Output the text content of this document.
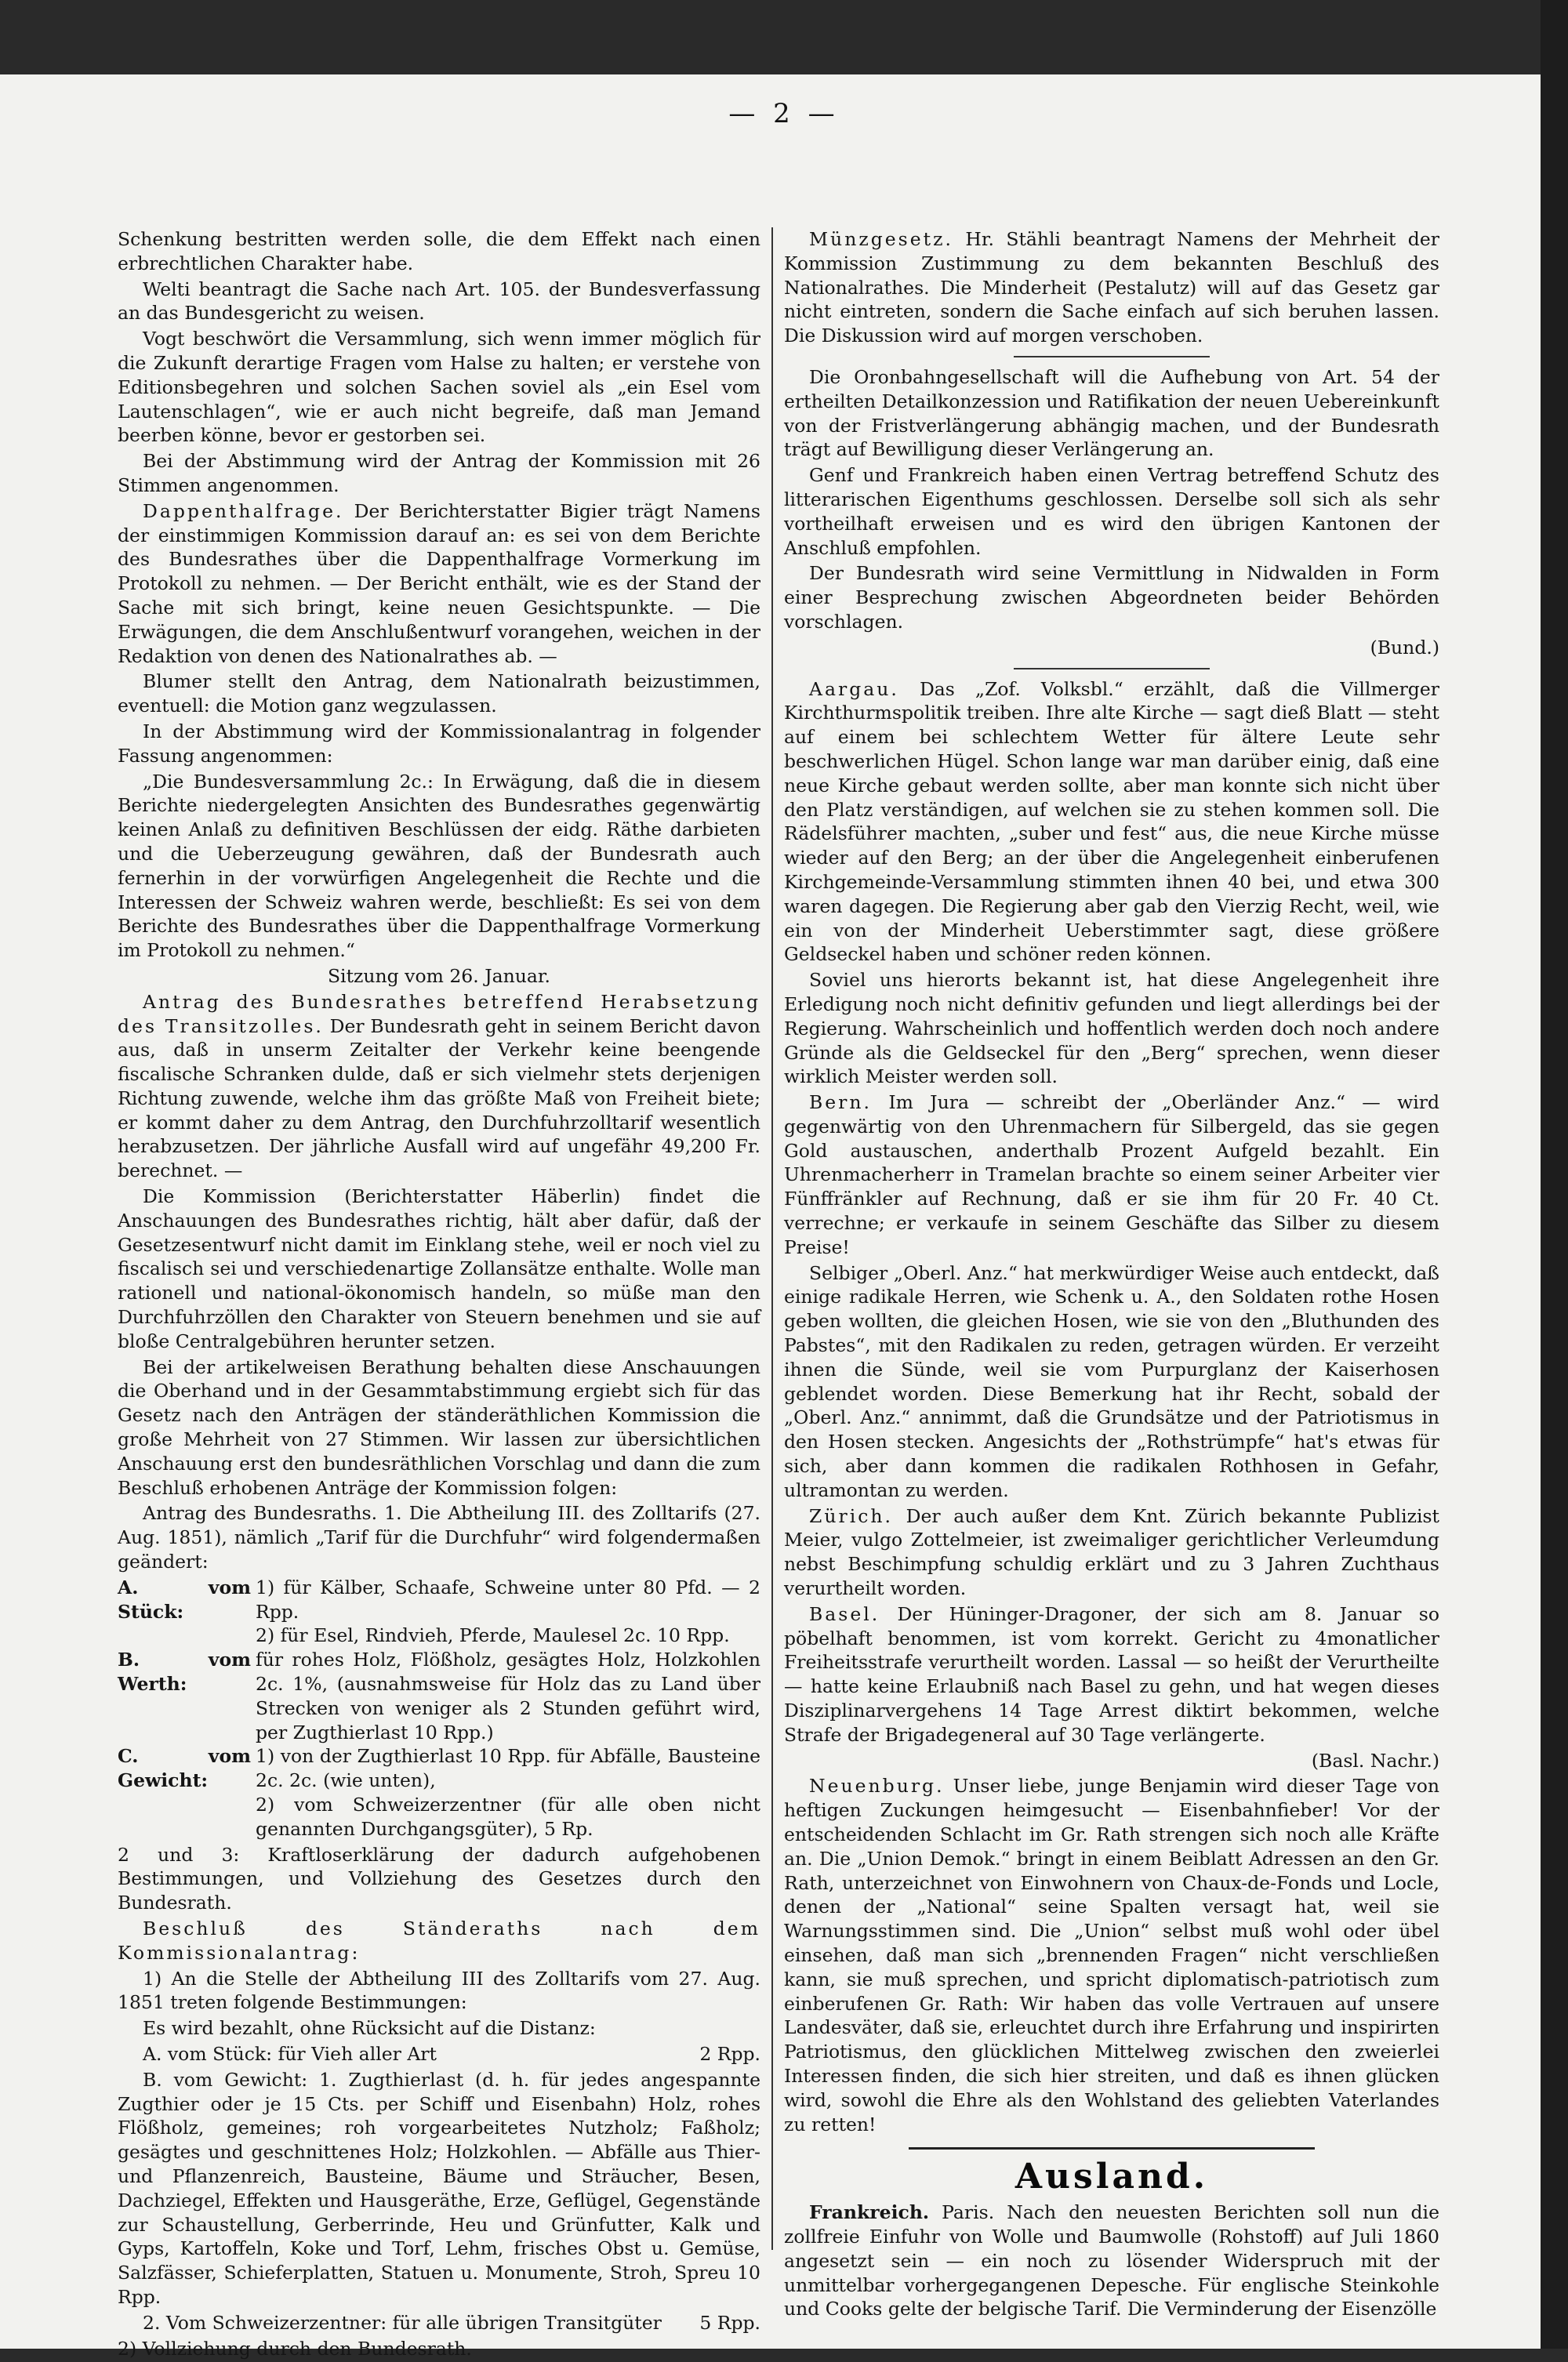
— 2 —

Schenkung bestritten werden solle, die dem Effekt nach einen erbrechtlichen Charakter habe.

Welti beantragt die Sache nach Art. 105. der Bundesverfassung an das Bundesgericht zu weisen.

Vogt beschwört die Versammlung, sich wenn immer möglich für die Zukunft derartige Fragen vom Halse zu halten; er verstehe von Editionsbegehren und solchen Sachen soviel als „ein Esel vom Lautenschlagen“, wie er auch nicht begreife, daß man Jemand beerben könne, bevor er gestorben sei.

Bei der Abstimmung wird der Antrag der Kommission mit 26 Stimmen angenommen.

Dappenthalfrage. Der Berichterstatter Bigier trägt Namens der einstimmigen Kommission darauf an: es sei von dem Berichte des Bundesrathes über die Dappenthalfrage Vormerkung im Protokoll zu nehmen. — Der Bericht enthält, wie es der Stand der Sache mit sich bringt, keine neuen Gesichtspunkte. — Die Erwägungen, die dem Anschlußentwurf vorangehen, weichen in der Redaktion von denen des Nationalrathes ab. —

Blumer stellt den Antrag, dem Nationalrath beizustimmen, eventuell: die Motion ganz wegzulassen.

In der Abstimmung wird der Kommissionalantrag in folgender Fassung angenommen:

„Die Bundesversammlung 2c.: In Erwägung, daß die in diesem Berichte niedergelegten Ansichten des Bundesrathes gegenwärtig keinen Anlaß zu definitiven Beschlüssen der eidg. Räthe darbieten und die Ueberzeugung gewähren, daß der Bundesrath auch fernerhin in der vorwürfigen Angelegenheit die Rechte und die Interessen der Schweiz wahren werde, beschließt: Es sei von dem Berichte des Bundesrathes über die Dappenthalfrage Vormerkung im Protokoll zu nehmen.“

Sitzung vom 26. Januar.

Antrag des Bundesrathes betreffend Herabsetzung des Transitzolles. Der Bundesrath geht in seinem Bericht davon aus, daß in unserm Zeitalter der Verkehr keine beengende fiscalische Schranken dulde, daß er sich vielmehr stets derjenigen Richtung zuwende, welche ihm das größte Maß von Freiheit biete; er kommt daher zu dem Antrag, den Durchfuhrzolltarif wesentlich herabzusetzen. Der jährliche Ausfall wird auf ungefähr 49,200 Fr. berechnet. —

Die Kommission (Berichterstatter Häberlin) findet die Anschauungen des Bundesrathes richtig, hält aber dafür, daß der Gesetzesentwurf nicht damit im Einklang stehe, weil er noch viel zu fiscalisch sei und verschiedenartige Zollansätze enthalte. Wolle man rationell und national-ökonomisch handeln, so müße man den Durchfuhrzöllen den Charakter von Steuern benehmen und sie auf bloße Centralgebühren herunter setzen.

Bei der artikelweisen Berathung behalten diese Anschauungen die Oberhand und in der Gesammtabstimmung ergiebt sich für das Gesetz nach den Anträgen der ständeräthlichen Kommission die große Mehrheit von 27 Stimmen. Wir lassen zur übersichtlichen Anschauung erst den bundesräthlichen Vorschlag und dann die zum Beschluß erhobenen Anträge der Kommission folgen:

Antrag des Bundesraths. 1. Die Abtheilung III. des Zolltarifs (27. Aug. 1851), nämlich „Tarif für die Durchfuhr“ wird folgendermaßen geändert:

A. vom Stück:
1) für Kälber, Schaafe, Schweine unter 80 Pfd. — 2 Rpp.
2) für Esel, Rindvieh, Pferde, Maulesel 2c. 10 Rpp.
B. vom Werth:
für rohes Holz, Flößholz, gesägtes Holz, Holzkohlen 2c. 1%, (ausnahmsweise für Holz das zu Land über Strecken von weniger als 2 Stunden geführt wird, per Zugthierlast 10 Rpp.)
C. vom Gewicht:
1) von der Zugthierlast 10 Rpp. für Abfälle, Bausteine 2c. 2c. (wie unten),
2) vom Schweizerzentner (für alle oben nicht genannten Durchgangsgüter), 5 Rp.

2 und 3: Kraftloserklärung der dadurch aufgehobenen Bestimmungen, und Vollziehung des Gesetzes durch den Bundesrath.

Beschluß des Ständeraths nach dem Kommissionalantrag:

1) An die Stelle der Abtheilung III des Zolltarifs vom 27. Aug. 1851 treten folgende Bestimmungen:

Es wird bezahlt, ohne Rücksicht auf die Distanz:

A. vom Stück: für Vieh aller Art	2 Rpp.

B. vom Gewicht: 1. Zugthierlast (d. h. für jedes angespannte Zugthier oder je 15 Cts. per Schiff und Eisenbahn) Holz, rohes Flößholz, gemeines; roh vorgearbeitetes Nutzholz; Faßholz; gesägtes und geschnittenes Holz; Holzkohlen. — Abfälle aus Thier- und Pflanzenreich, Bausteine, Bäume und Sträucher, Besen, Dachziegel, Effekten und Hausgeräthe, Erze, Geflügel, Gegenstände zur Schaustellung, Gerberrinde, Heu und Grünfutter, Kalk und Gyps, Kartoffeln, Koke und Torf, Lehm, frisches Obst u. Gemüse, Salzfässer, Schieferplatten, Statuen u. Monumente, Stroh, Spreu 10 Rpp.

2. Vom Schweizerzentner: für alle übrigen Transitgüter	5 Rpp.

2) Vollziehung durch den Bundesrath.

Münzgesetz. Hr. Stähli beantragt Namens der Mehrheit der Kommission Zustimmung zu dem bekannten Beschluß des Nationalrathes. Die Minderheit (Pestalutz) will auf das Gesetz gar nicht eintreten, sondern die Sache einfach auf sich beruhen lassen. Die Diskussion wird auf morgen verschoben.

Die Oronbahngesellschaft will die Aufhebung von Art. 54 der ertheilten Detailkonzession und Ratifikation der neuen Uebereinkunft von der Fristverlängerung abhängig machen, und der Bundesrath trägt auf Bewilligung dieser Verlängerung an.

Genf und Frankreich haben einen Vertrag betreffend Schutz des litterarischen Eigenthums geschlossen. Derselbe soll sich als sehr vortheilhaft erweisen und es wird den übrigen Kantonen der Anschluß empfohlen.

Der Bundesrath wird seine Vermittlung in Nidwalden in Form einer Besprechung zwischen Abgeordneten beider Behörden vorschlagen.

(Bund.)

Aargau. Das „Zof. Volksbl.“ erzählt, daß die Villmerger Kirchthurmspolitik treiben. Ihre alte Kirche — sagt dieß Blatt — steht auf einem bei schlechtem Wetter für ältere Leute sehr beschwerlichen Hügel. Schon lange war man darüber einig, daß eine neue Kirche gebaut werden sollte, aber man konnte sich nicht über den Platz verständigen, auf welchen sie zu stehen kommen soll. Die Rädelsführer machten, „suber und fest“ aus, die neue Kirche müsse wieder auf den Berg; an der über die Angelegenheit einberufenen Kirchgemeinde-Versammlung stimmten ihnen 40 bei, und etwa 300 waren dagegen. Die Regierung aber gab den Vierzig Recht, weil, wie ein von der Minderheit Ueberstimmter sagt, diese größere Geldseckel haben und schöner reden können.

Soviel uns hierorts bekannt ist, hat diese Angelegenheit ihre Erledigung noch nicht definitiv gefunden und liegt allerdings bei der Regierung. Wahrscheinlich und hoffentlich werden doch noch andere Gründe als die Geldseckel für den „Berg“ sprechen, wenn dieser wirklich Meister werden soll.

Bern. Im Jura — schreibt der „Oberländer Anz.“ — wird gegenwärtig von den Uhrenmachern für Silbergeld, das sie gegen Gold austauschen, anderthalb Prozent Aufgeld bezahlt. Ein Uhrenmacherherr in Tramelan brachte so einem seiner Arbeiter vier Fünffränkler auf Rechnung, daß er sie ihm für 20 Fr. 40 Ct. verrechne; er verkaufe in seinem Geschäfte das Silber zu diesem Preise!

Selbiger „Oberl. Anz.“ hat merkwürdiger Weise auch entdeckt, daß einige radikale Herren, wie Schenk u. A., den Soldaten rothe Hosen geben wollten, die gleichen Hosen, wie sie von den „Bluthunden des Pabstes“, mit den Radikalen zu reden, getragen würden. Er verzeiht ihnen die Sünde, weil sie vom Purpurglanz der Kaiserhosen geblendet worden. Diese Bemerkung hat ihr Recht, sobald der „Oberl. Anz.“ annimmt, daß die Grundsätze und der Patriotismus in den Hosen stecken. Angesichts der „Rothstrümpfe“ hat's etwas für sich, aber dann kommen die radikalen Rothhosen in Gefahr, ultramontan zu werden.

Zürich. Der auch außer dem Knt. Zürich bekannte Publizist Meier, vulgo Zottelmeier, ist zweimaliger gerichtlicher Verleumdung nebst Beschimpfung schuldig erklärt und zu 3 Jahren Zuchthaus verurtheilt worden.

Basel. Der Hüninger-Dragoner, der sich am 8. Januar so pöbelhaft benommen, ist vom korrekt. Gericht zu 4monatlicher Freiheitsstrafe verurtheilt worden. Lassal — so heißt der Verurtheilte — hatte keine Erlaubniß nach Basel zu gehn, und hat wegen dieses Disziplinarvergehens 14 Tage Arrest diktirt bekommen, welche Strafe der Brigadegeneral auf 30 Tage verlängerte.

(Basl. Nachr.)

Neuenburg. Unser liebe, junge Benjamin wird dieser Tage von heftigen Zuckungen heimgesucht — Eisenbahnfieber! Vor der entscheidenden Schlacht im Gr. Rath strengen sich noch alle Kräfte an. Die „Union Demok.“ bringt in einem Beiblatt Adressen an den Gr. Rath, unterzeichnet von Einwohnern von Chaux-de-Fonds und Locle, denen der „National“ seine Spalten versagt hat, weil sie Warnungsstimmen sind. Die „Union“ selbst muß wohl oder übel einsehen, daß man sich „brennenden Fragen“ nicht verschließen kann, sie muß sprechen, und spricht diplomatisch-patriotisch zum einberufenen Gr. Rath: Wir haben das volle Vertrauen auf unsere Landesväter, daß sie, erleuchtet durch ihre Erfahrung und inspirirten Patriotismus, den glücklichen Mittelweg zwischen den zweierlei Interessen finden, die sich hier streiten, und daß es ihnen glücken wird, sowohl die Ehre als den Wohlstand des geliebten Vaterlandes zu retten!

Ausland.

Frankreich. Paris. Nach den neuesten Berichten soll nun die zollfreie Einfuhr von Wolle und Baumwolle (Rohstoff) auf Juli 1860 angesetzt sein — ein noch zu lösender Widerspruch mit der unmittelbar vorhergegangenen Depesche. Für englische Steinkohle und Cooks gelte der belgische Tarif. Die Verminderung der Eisenzölle
